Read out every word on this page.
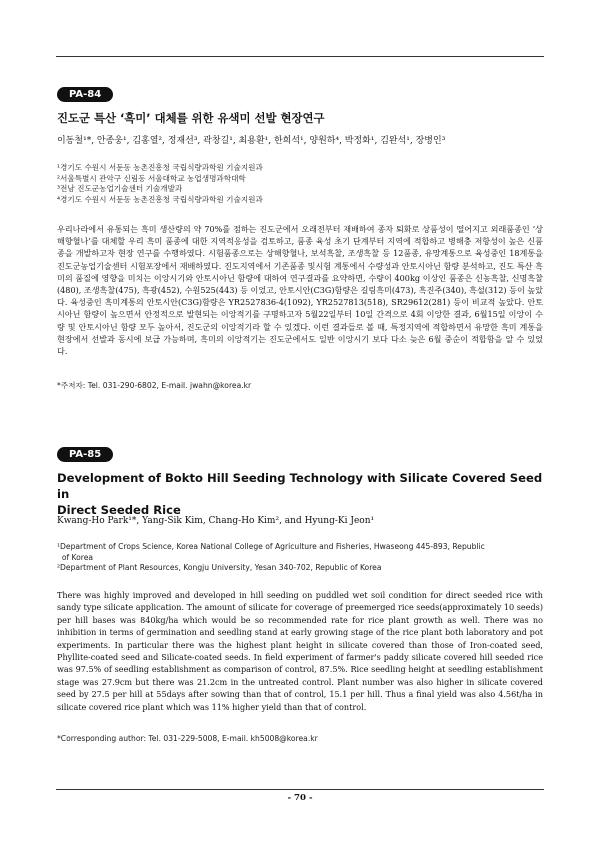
PA-84
진도군 특산 ‘흑미’ 대체를 위한 유색미 선발 현장연구
이동철¹*, 안종웅¹, 김홍열², 정재선³, 곽창길¹, 최용환¹, 한희석¹, 양원하⁴, 박정화¹, 김완석¹, 장병인³
¹경기도 수원시 서둔동 농촌진흥청 국립식량과학원 기술지원과
²서울특별시 관악구 신림동 서울대학교 농업생명과학대학
³전남 진도군농업기술센터 기술개발과
⁴경기도 수원시 서둔동 농촌진흥청 국립식량과학원 기술지원과
우리나라에서 유통되는 흑미 생산량의 약 70%를 점하는 진도군에서 오래전부터 재배하여 종자 퇴화로 상품성이 떨어지고 외래품종인 ‘상해향혈나’를 대체할 우리 흑미 품종에 대한 지역적응성을 검토하고, 품종 육성 초기 단계부터 지역에 적합하고 병해충 저항성이 높은 신품종을 개발하고자 현장 연구를 수행하였다. 시험품종으로는 상해향혈나, 보석흑찰, 조생흑찰 등 12품종, 유망계통으로 육성중인 18계통을 진도군농업기술센터 시험포장에서 재배하였다. 진도지역에서 기존품종 및시험 계통에서 수량성과 안토시아닌 함량 분석하고, 진도 특산 흑미의 품질에 영향을 미치는 이앙시기와 안토시아닌 함량에 대하여 연구결과를 요약하면, 수량이 400kg 이상인 품종은 신농흑찰, 신명흑찰(480), 조생흑찰(475), 흑광(452), 수원525(443) 등 이었고, 안토시안(C3G)함량은 길림흑미(473), 흑진주(340), 흑설(312) 등이 높았다. 육성중인 흑미계통의 안토시안(C3G)함량은 YR2527836-4(1092), YR2527813(518), SR29612(281) 등이 비교적 높았다. 안토시아닌 함량이 높으면서 안정적으로 발현되는 이앙적기를 구명하고자 5월22일부터 10일 간격으로 4회 이앙한 결과, 6월15일 이앙이 수량 및 안토시아닌 함량 모두 높아서, 진도군의 이앙적기라 할 수 있겠다. 이런 결과들로 볼 때, 특정지역에 적합하면서 유망한 흑미 계통을 현장에서 선발과 동시에 보급 가능하며, 흑미의 이앙적기는 진도군에서도 일반 이앙시기 보다 다소 늦은 6월 중순이 적합함을 알 수 있었다.
*주저자: Tel. 031-290-6802, E-mail. jwahn@korea.kr
PA-85
Development of Bokto Hill Seeding Technology with Silicate Covered Seed in
Direct Seeded Rice
Kwang-Ho Park¹*, Yang-Sik Kim, Chang-Ho Kim², and Hyung-Ki Jeon¹
¹Department of Crops Science, Korea National College of Agriculture and Fisheries, Hwaseong 445-893, Republic
of Korea
²Department of Plant Resources, Kongju University, Yesan 340-702, Republic of Korea
There was highly improved and developed in hill seeding on puddled wet soil condition for direct seeded rice with sandy type silicate application. The amount of silicate for coverage of preemerged rice seeds(approximately 10 seeds) per hill bases was 840kg/ha which would be so recommended rate for rice plant growth as well. There was no inhibition in terms of germination and seedling stand at early growing stage of the rice plant both laboratory and pot experiments. In particular there was the highest plant height in silicate covered than those of Iron-coated seed, Phyllite-coated seed and Silicate-coated seeds. In field experiment of farmer's paddy silicate covered hill seeded rice was 97.5% of seedling establishment as comparison of control, 87.5%. Rice seedling height at seedling establishment stage was 27.9cm but there was 21.2cm in the untreated control. Plant number was also higher in silicate covered seed by 27.5 per hill at 55days after sowing than that of control, 15.1 per hill. Thus a final yield was also 4.56t/ha in silicate covered rice plant which was 11% higher yield than that of control.
*Corresponding author: Tel. 031-229-5008, E-mail. kh5008@korea.kr
- 70 -
